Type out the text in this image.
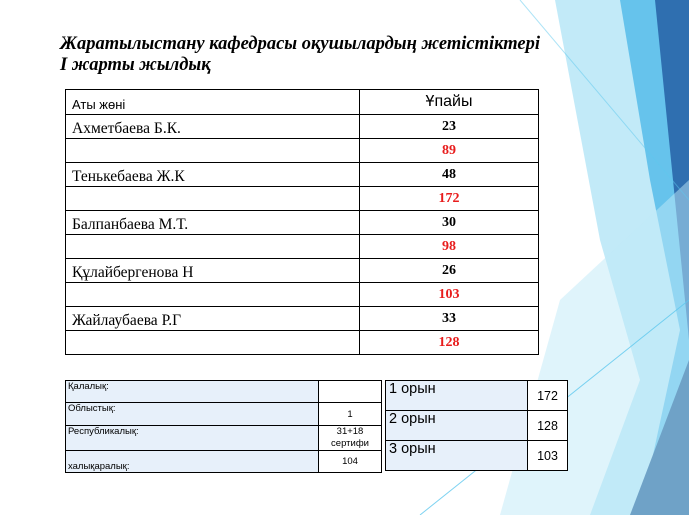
Жаратылыстану кафедрасы оқушылардың жетістіктері
І жарты жылдық
Аты жөні	Ұпайы
Ахметбаева Б.К.	23
	89
Тенькебаева Ж.К	48
	172
Балпанбаева М.Т.	30
	98
Құлайбергенова Н	26
	103
Жайлаубаева Р.Г	33
	128
Қалалық:	
Облыстық:	1
Республикалық:	31+18
сертифи

халықаралық:	104
1 орын	172
2 орын	128
3 орын	103
